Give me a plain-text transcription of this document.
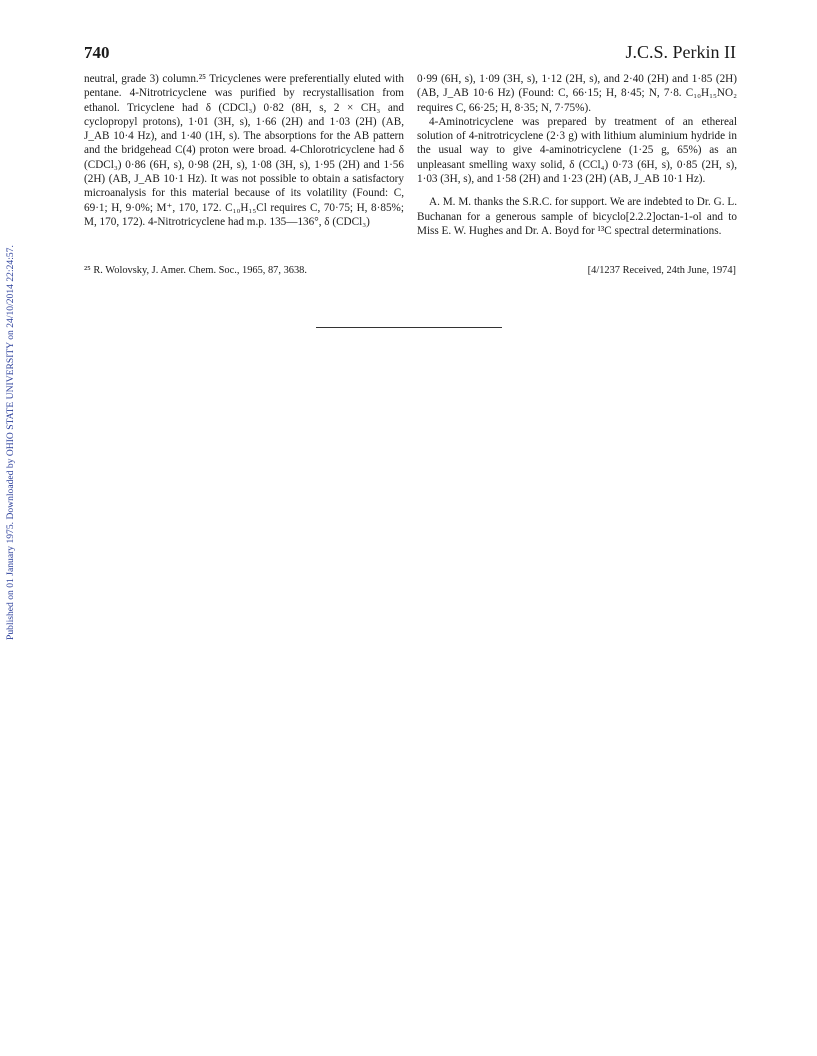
Published on 01 January 1975. Downloaded by OHIO STATE UNIVERSITY on 24/10/2014 22:24:57.
740	J.C.S. Perkin II

neutral, grade 3) column.²⁵ Tricyclenes were preferentially eluted with pentane. 4-Nitrotricyclene was purified by recrystallisation from ethanol. Tricyclene had δ (CDCl₃) 0·82 (8H, s, 2 × CH₃ and cyclopropyl protons), 1·01 (3H, s), 1·66 (2H) and 1·03 (2H) (AB, J_AB 10·4 Hz), and 1·40 (1H, s). The absorptions for the AB pattern and the bridgehead C(4) proton were broad. 4-Chlorotricyclene had δ (CDCl₃) 0·86 (6H, s), 0·98 (2H, s), 1·08 (3H, s), 1·95 (2H) and 1·56 (2H) (AB, J_AB 10·1 Hz). It was not possible to obtain a satisfactory microanalysis for this material because of its volatility (Found: C, 69·1; H, 9·0%; M⁺, 170, 172. C₁₀H₁₅Cl requires C, 70·75; H, 8·85%; M, 170, 172). 4-Nitrotricyclene had m.p. 135—136°, δ (CDCl₃)

0·99 (6H, s), 1·09 (3H, s), 1·12 (2H, s), and 2·40 (2H) and 1·85 (2H) (AB, J_AB 10·6 Hz) (Found: C, 66·15; H, 8·45; N, 7·8. C₁₀H₁₅NO₂ requires C, 66·25; H, 8·35; N, 7·75%).

4-Aminotricyclene was prepared by treatment of an ethereal solution of 4-nitrotricyclene (2·3 g) with lithium aluminium hydride in the usual way to give 4-aminotricyclene (1·25 g, 65%) as an unpleasant smelling waxy solid, δ (CCl₄) 0·73 (6H, s), 0·85 (2H, s), 1·03 (3H, s), and 1·58 (2H) and 1·23 (2H) (AB, J_AB 10·1 Hz).

A. M. M. thanks the S.R.C. for support. We are indebted to Dr. G. L. Buchanan for a generous sample of bicyclo[2.2.2]octan-1-ol and to Miss E. W. Hughes and Dr. A. Boyd for ¹³C spectral determinations.

²⁵ R. Wolovsky, J. Amer. Chem. Soc., 1965, 87, 3638.	[4/1237 Received, 24th June, 1974]
